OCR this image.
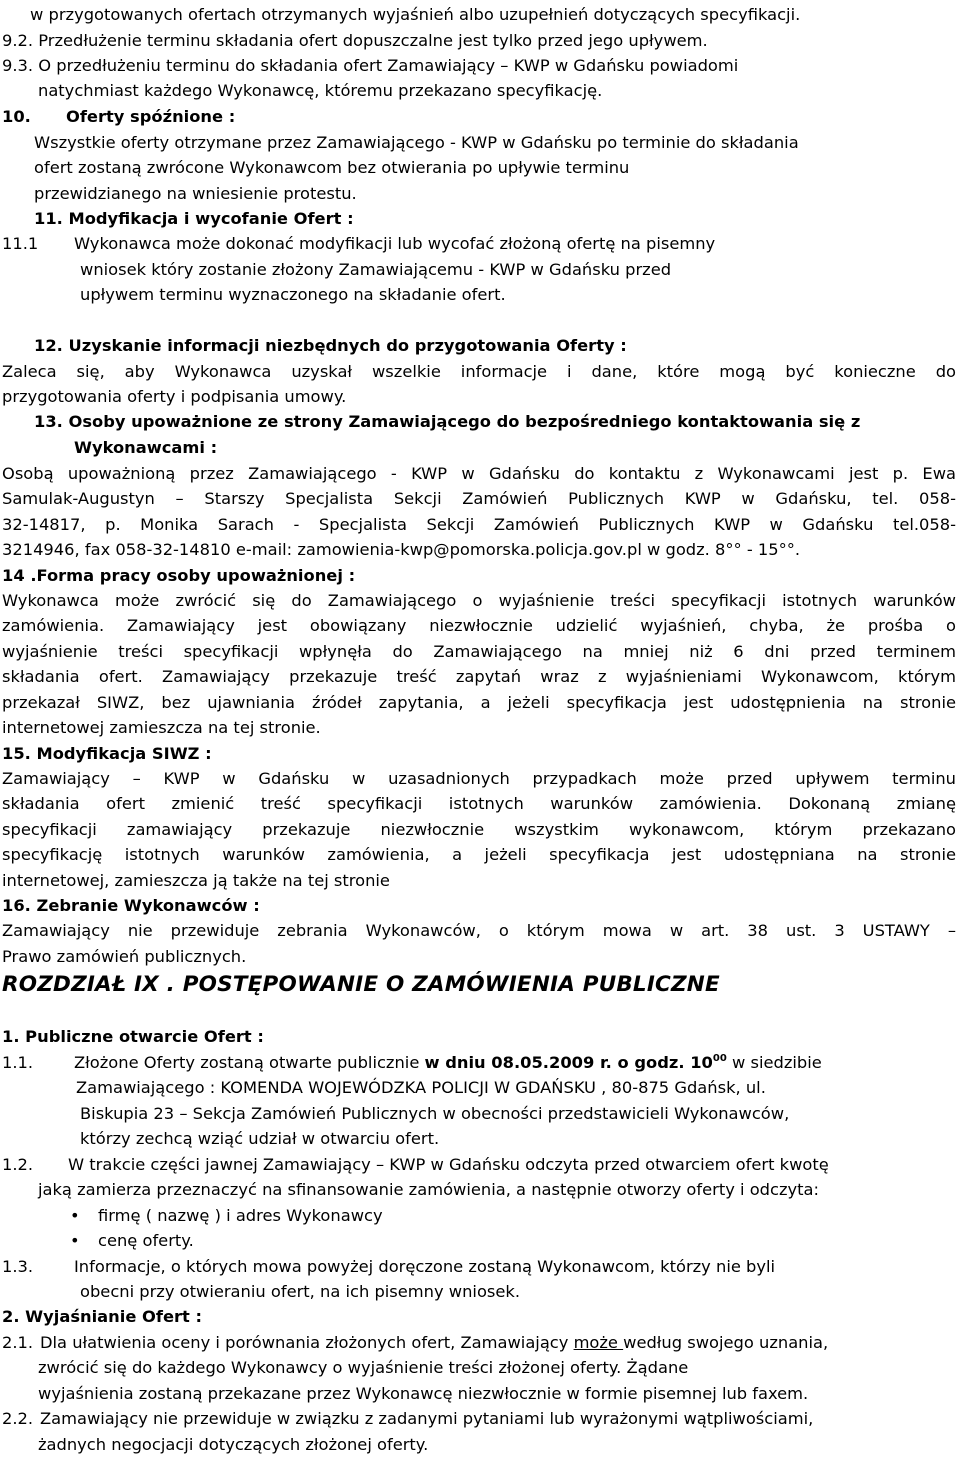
w przygotowanych ofertach otrzymanych wyjaśnień albo uzupełnień dotyczących specyfikacji.
9.2. Przedłużenie terminu składania ofert dopuszczalne jest tylko przed jego upływem.
9.3. O przedłużeniu terminu do składania ofert Zamawiający – KWP w Gdańsku powiadomi
natychmiast każdego Wykonawcę, któremu przekazano specyfikację.
10. Oferty spóźnione :
Wszystkie oferty otrzymane przez Zamawiającego - KWP w Gdańsku po terminie do składania
ofert zostaną zwrócone Wykonawcom bez otwierania po upływie terminu
przewidzianego na wniesienie protestu.
11. Modyfikacja i wycofanie Ofert :
11.1 Wykonawca może dokonać modyfikacji lub wycofać złożoną ofertę na pisemny
wniosek który zostanie złożony Zamawiającemu - KWP w Gdańsku przed
upływem terminu wyznaczonego na składanie ofert.
12. Uzyskanie informacji niezbędnych do przygotowania Oferty :
Zaleca się, aby Wykonawca uzyskał wszelkie informacje i dane, które mogą być konieczne do
przygotowania oferty i podpisania umowy.
13. Osoby upoważnione ze strony Zamawiającego do bezpośredniego kontaktowania się z
Wykonawcami :
Osobą upoważnioną przez Zamawiającego - KWP w Gdańsku do kontaktu z Wykonawcami jest p. Ewa
Samulak-Augustyn – Starszy Specjalista Sekcji Zamówień Publicznych KWP w Gdańsku, tel. 058-
32-14817, p. Monika Sarach - Specjalista Sekcji Zamówień Publicznych KWP w Gdańsku tel.058-
3214946, fax 058-32-14810 e-mail: zamowienia-kwp@pomorska.policja.gov.pl w godz. 8°° - 15°°.
14 .Forma pracy osoby upoważnionej :
Wykonawca może zwrócić się do Zamawiającego o wyjaśnienie treści specyfikacji istotnych warunków
zamówienia. Zamawiający jest obowiązany niezwłocznie udzielić wyjaśnień, chyba, że prośba o
wyjaśnienie treści specyfikacji wpłynęła do Zamawiającego na mniej niż 6 dni przed terminem
składania ofert. Zamawiający przekazuje treść zapytań wraz z wyjaśnieniami Wykonawcom, którym
przekazał SIWZ, bez ujawniania źródeł zapytania, a jeżeli specyfikacja jest udostępnienia na stronie
internetowej zamieszcza na tej stronie.
15. Modyfikacja SIWZ :
Zamawiający – KWP w Gdańsku w uzasadnionych przypadkach może przed upływem terminu
składania ofert zmienić treść specyfikacji istotnych warunków zamówienia. Dokonaną zmianę
specyfikacji zamawiający przekazuje niezwłocznie wszystkim wykonawcom, którym przekazano
specyfikację istotnych warunków zamówienia, a jeżeli specyfikacja jest udostępniana na stronie
internetowej, zamieszcza ją także na tej stronie
16. Zebranie Wykonawców :
Zamawiający nie przewiduje zebrania Wykonawców, o którym mowa w art. 38 ust. 3 USTAWY –
Prawo zamówień publicznych.
ROZDZIAŁ IX . POSTĘPOWANIE O ZAMÓWIENIA PUBLICZNE
1. Publiczne otwarcie Ofert :
1.1.	Złożone Oferty zostaną otwarte publicznie w dniu 08.05.2009 r. o godz. $10^{00}$ w siedzibie
Zamawiającego : KOMENDA WOJEWÓDZKA POLICJI W GDAŃSKU , 80-875 Gdańsk, ul.
Biskupia 23 – Sekcja Zamówień Publicznych w obecności przedstawicieli Wykonawców,
którzy zechcą wziąć udział w otwarciu ofert.
1.2. W trakcie części jawnej Zamawiający – KWP w Gdańsku odczyta przed otwarciem ofert kwotę
jaką zamierza przeznaczyć na sfinansowanie zamówienia, a następnie otworzy oferty i odczyta:
• firmę ( nazwę ) i adres Wykonawcy
• cenę oferty.
1.3.	Informacje, o których mowa powyżej doręczone zostaną Wykonawcom, którzy nie byli
obecni przy otwieraniu ofert, na ich pisemny wniosek.
2. Wyjaśnianie Ofert :
2.1. Dla ułatwienia oceny i porównania złożonych ofert, Zamawiający może według swojego uznania,
zwrócić się do każdego Wykonawcy o wyjaśnienie treści złożonej oferty. Żądane
wyjaśnienia zostaną przekazane przez Wykonawcę niezwłocznie w formie pisemnej lub faxem.
2.2. Zamawiający nie przewiduje w związku z zadanymi pytaniami lub wyrażonymi wątpliwościami,
żadnych negocjacji dotyczących złożonej oferty.
